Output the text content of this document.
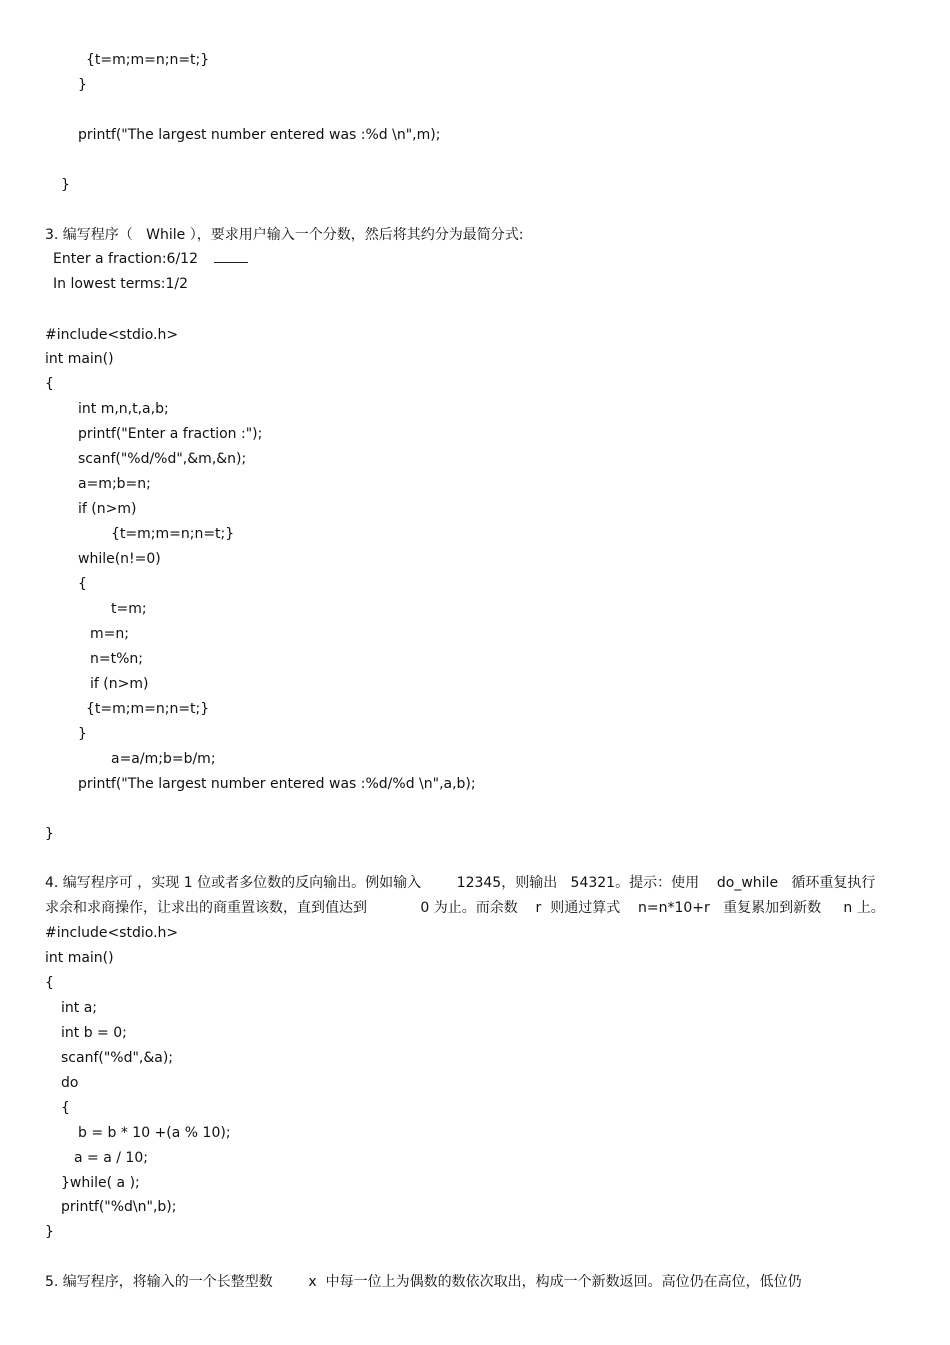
{t=m;m=n;n=t;}
}
printf("The largest number entered was :%d \n",m);
}
3. 编写程序（   While ），要求用户输入一个分数，然后将其约分为最简分式:
Enter a fraction:6/12
In lowest terms:1/2
#include<stdio.h>
int main()
{
int m,n,t,a,b;
printf("Enter a fraction :");
scanf("%d/%d",&m,&n);
a=m;b=n;
if (n>m)
{t=m;m=n;n=t;}
while(n!=0)
{
t=m;
m=n;
n=t%n;
if (n>m)
{t=m;m=n;n=t;}
}
a=a/m;b=b/m;
printf("The largest number entered was :%d/%d \n",a,b);
}
4. 编写程序可 ，实现 1 位或者多位数的反向输出。例如输入        12345，则输出   54321。提示：使用    do_while   循环重复执行
求余和求商操作，让求出的商重置该数，直到值达到            0 为止。而余数    r  则通过算式    n=n*10+r   重复累加到新数     n 上。
#include<stdio.h>
int main()
{
int a;
int b = 0;
scanf("%d",&a);
do
{
b = b * 10 +(a % 10);
a = a / 10;
}while( a );
printf("%d\n",b);
}
5. 编写程序，将输入的一个长整型数        x  中每一位上为偶数的数依次取出，构成一个新数返回。高位仍在高位，低位仍
